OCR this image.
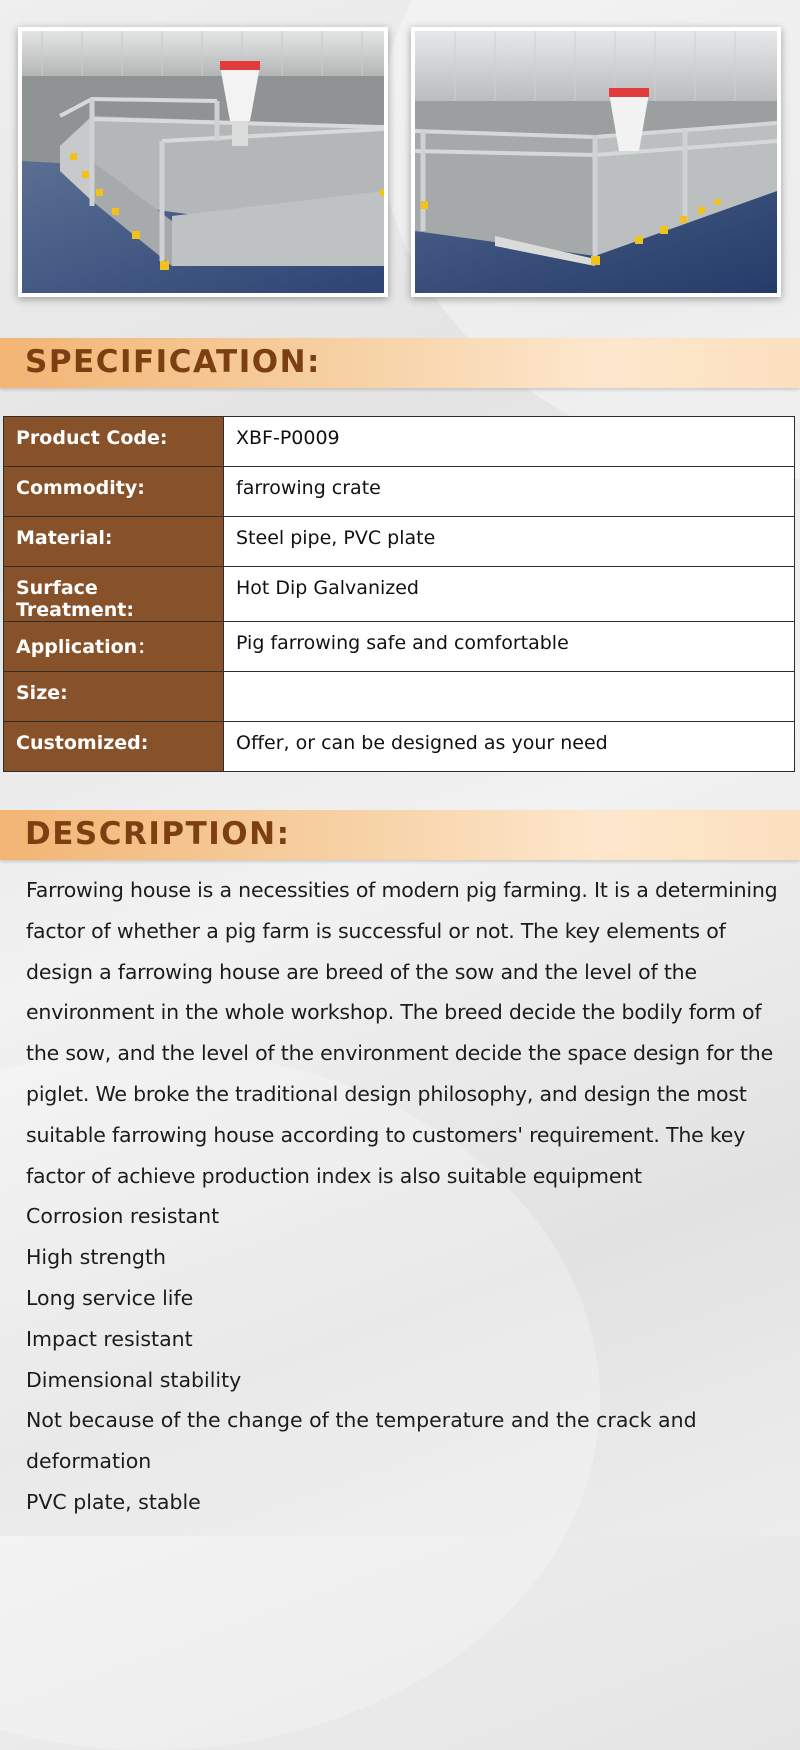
SPECIFICATION:
Product Code:	XBF-P0009
Commodity:	farrowing crate
Material:	Steel pipe, PVC plate
Surface Treatment:	Hot Dip Galvanized
Application：	Pig farrowing safe and comfortable
Size:	
Customized:	Offer, or can be designed as your need
DESCRIPTION:

Farrowing house is a necessities of modern pig farming. It is a determining factor of whether a pig farm is successful or not. The key elements of design a farrowing house are breed of the sow and the level of the environment in the whole workshop. The breed decide the bodily form of the sow, and the level of the environment decide the space design for the piglet. We broke the traditional design philosophy, and design the most suitable farrowing house according to customers' requirement. The key factor of achieve production index is also suitable equipment

Corrosion resistant

High strength

Long service life

Impact resistant

Dimensional stability

Not because of the change of the temperature and the crack and deformation

PVC plate, stable
